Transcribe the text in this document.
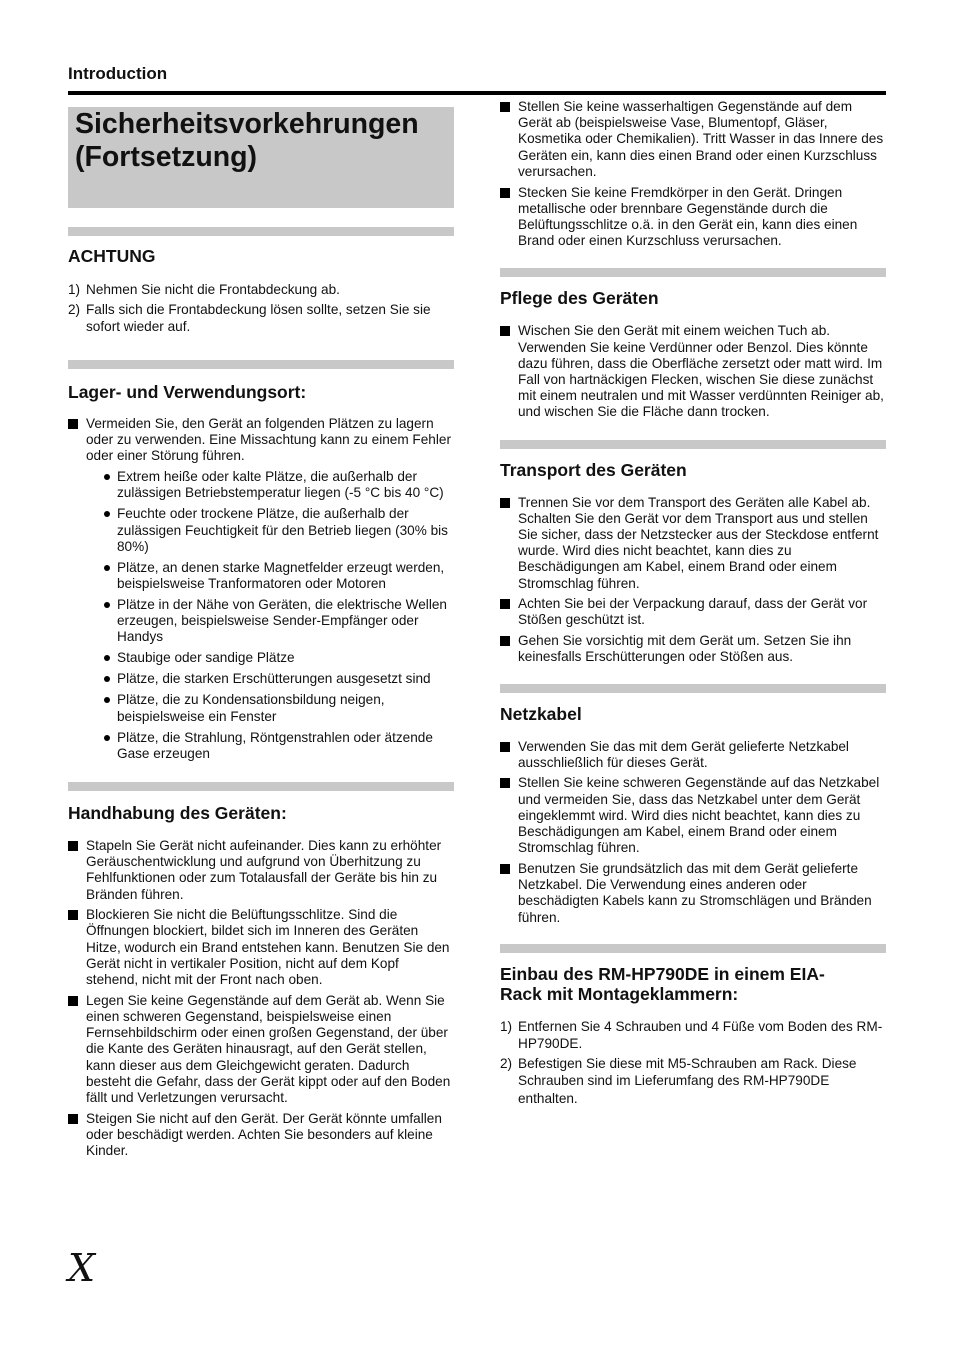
Introduction
Sicherheitsvorkehrungen
(Fortsetzung)
ACHTUNG
1) Nehmen Sie nicht die Frontabdeckung ab.
2) Falls sich die Frontabdeckung lösen sollte, setzen Sie sie sofort wieder auf.
Lager- und Verwendungsort:
Vermeiden Sie, den Gerät an folgenden Plätzen zu lagern oder zu verwenden. Eine Missachtung kann zu einem Fehler oder einer Störung führen.
Extrem heiße oder kalte Plätze, die außerhalb der zulässigen Betriebstemperatur liegen (-5 °C bis 40 °C)
Feuchte oder trockene Plätze, die außerhalb der zulässigen Feuchtigkeit für den Betrieb liegen (30% bis 80%)
Plätze, an denen starke Magnetfelder erzeugt werden, beispielsweise Tranformatoren oder Motoren
Plätze in der Nähe von Geräten, die elektrische Wellen erzeugen, beispielsweise Sender-Empfänger oder Handys
Staubige oder sandige Plätze
Plätze, die starken Erschütterungen ausgesetzt sind
Plätze, die zu Kondensationsbildung neigen, beispielsweise ein Fenster
Plätze, die Strahlung, Röntgenstrahlen oder ätzende Gase erzeugen
Handhabung des Geräten:
Stapeln Sie Gerät nicht aufeinander. Dies kann zu erhöhter Geräuschentwicklung und aufgrund von Überhitzung zu Fehlfunktionen oder zum Totalausfall der Geräte bis hin zu Bränden führen.
Blockieren Sie nicht die Belüftungsschlitze. Sind die Öffnungen blockiert, bildet sich im Inneren des Geräten Hitze, wodurch ein Brand entstehen kann. Benutzen Sie den Gerät nicht in vertikaler Position, nicht auf dem Kopf stehend, nicht mit der Front nach oben.
Legen Sie keine Gegenstände auf dem Gerät ab. Wenn Sie einen schweren Gegenstand, beispielsweise einen Fernsehbildschirm oder einen großen Gegenstand, der über die Kante des Geräten hinausragt, auf den Gerät stellen, kann dieser aus dem Gleichgewicht geraten. Dadurch besteht die Gefahr, dass der Gerät kippt oder auf den Boden fällt und Verletzungen verursacht.
Steigen Sie nicht auf den Gerät. Der Gerät könnte umfallen oder beschädigt werden. Achten Sie besonders auf kleine Kinder.
Stellen Sie keine wasserhaltigen Gegenstände auf dem Gerät ab (beispielsweise Vase, Blumentopf, Gläser, Kosmetika oder Chemikalien). Tritt Wasser in das Innere des Geräten ein, kann dies einen Brand oder einen Kurzschluss verursachen.
Stecken Sie keine Fremdkörper in den Gerät. Dringen metallische oder brennbare Gegenstände durch die Belüftungsschlitze o.ä. in den Gerät ein, kann dies einen Brand oder einen Kurzschluss verursachen.
Pflege des Geräten
Wischen Sie den Gerät mit einem weichen Tuch ab. Verwenden Sie keine Verdünner oder Benzol. Dies könnte dazu führen, dass die Oberfläche zersetzt oder matt wird. Im Fall von hartnäckigen Flecken, wischen Sie diese zunächst mit einem neutralen und mit Wasser verdünnten Reiniger ab, und wischen Sie die Fläche dann trocken.
Transport des Geräten
Trennen Sie vor dem Transport des Geräten alle Kabel ab. Schalten Sie den Gerät vor dem Transport aus und stellen Sie sicher, dass der Netzstecker aus der Steckdose entfernt wurde. Wird dies nicht beachtet, kann dies zu Beschädigungen am Kabel, einem Brand oder einem Stromschlag führen.
Achten Sie bei der Verpackung darauf, dass der Gerät vor Stößen geschützt ist.
Gehen Sie vorsichtig mit dem Gerät um. Setzen Sie ihn keinesfalls Erschütterungen oder Stößen aus.
Netzkabel
Verwenden Sie das mit dem Gerät gelieferte Netzkabel ausschließlich für dieses Gerät.
Stellen Sie keine schweren Gegenstände auf das Netzkabel und vermeiden Sie, dass das Netzkabel unter dem Gerät eingeklemmt wird. Wird dies nicht beachtet, kann dies zu Beschädigungen am Kabel, einem Brand oder einem Stromschlag führen.
Benutzen Sie grundsätzlich das mit dem Gerät gelieferte Netzkabel. Die Verwendung eines anderen oder beschädigten Kabels kann zu Stromschlägen und Bränden führen.
Einbau des RM-HP790DE in einem EIA-
Rack mit Montageklammern:
1) Entfernen Sie 4 Schrauben und 4 Füße vom Boden des RM-HP790DE.
2) Befestigen Sie diese mit M5-Schrauben am Rack. Diese Schrauben sind im Lieferumfang des RM-HP790DE enthalten.

X
